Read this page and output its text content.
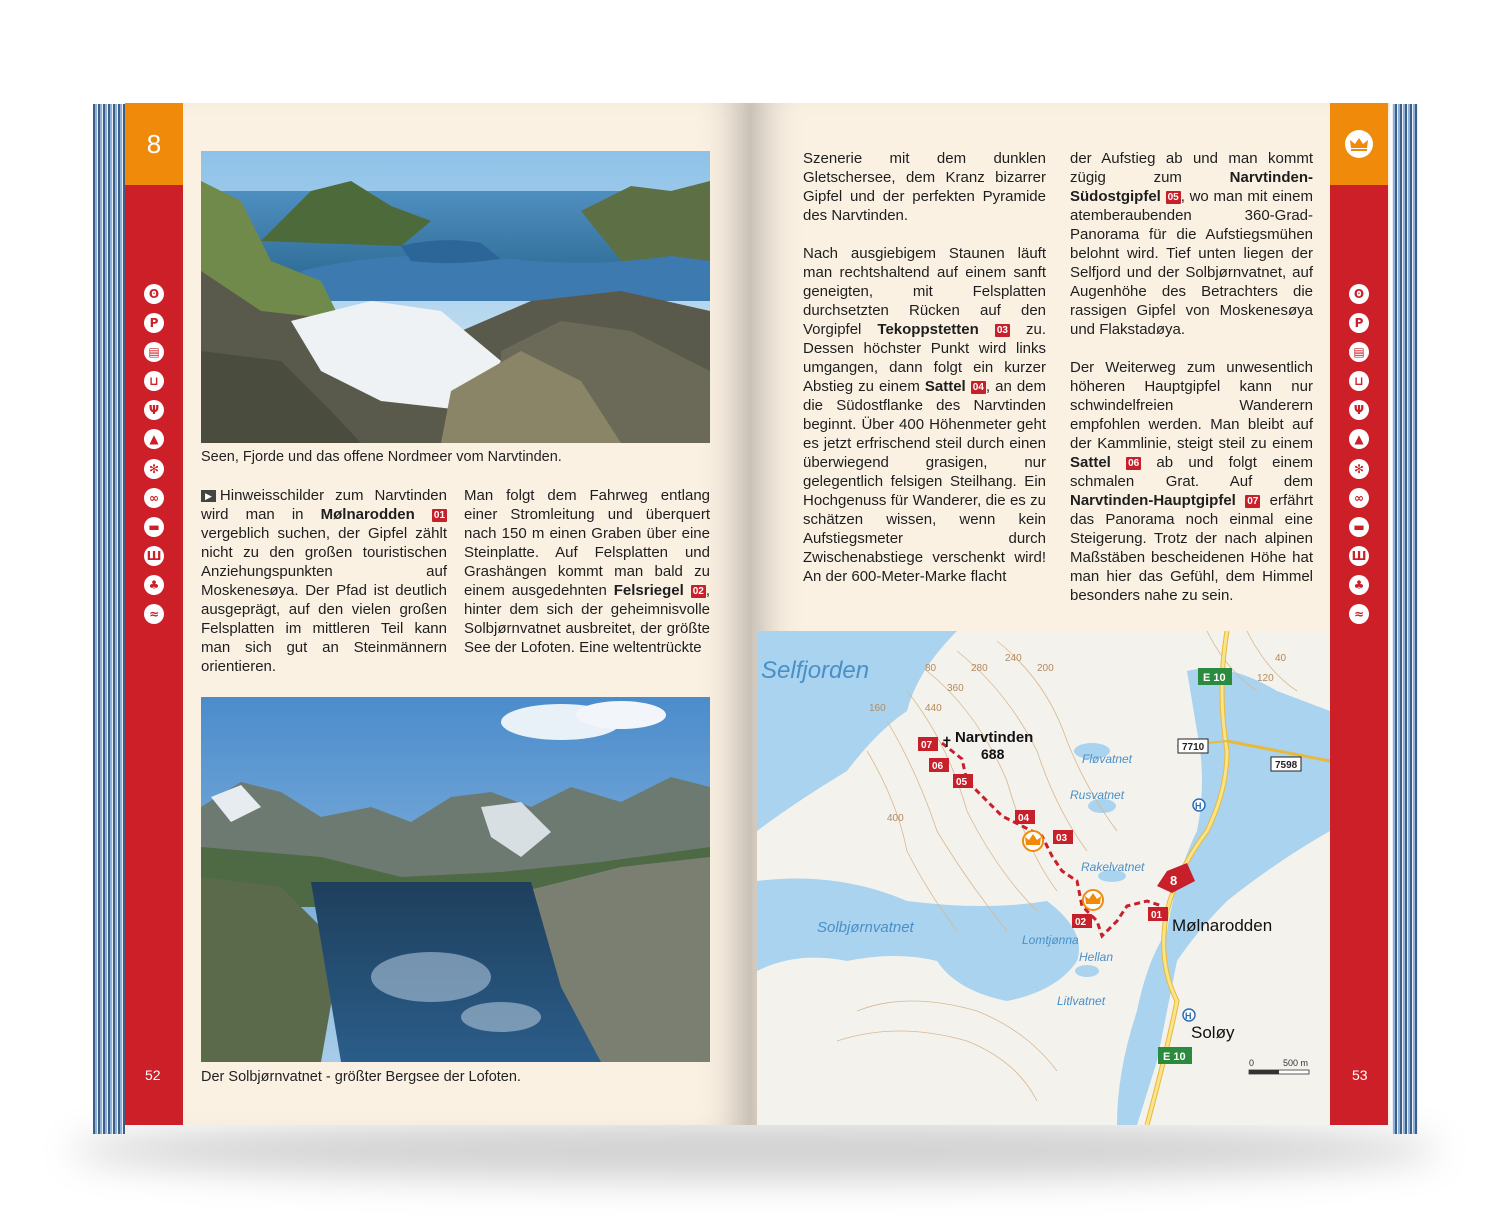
8
ʘ
P
▤
⊔
Ψ
▲
✻
∞
▬
Ш
♣
≈
ʘ
P
▤
⊔
Ψ
▲
✻
∞
▬
Ш
♣
≈
52	53
Seen, Fjorde und das offene Nordmeer vom Narvtinden.

▶ Hinweisschilder zum Narvtinden wird man in Mølnarodden 01 vergeblich suchen, der Gipfel zählt nicht zu den großen touristischen Anziehungspunkten auf Moskenesøya. Der Pfad ist deutlich ausgeprägt, auf den vielen großen Felsplatten im mittleren Teil kann man sich gut an Steinmännern orientieren.

Man folgt dem Fahrweg entlang einer Stromleitung und überquert nach 150 m einen Graben über eine Steinplatte. Auf Felsplatten und Grashängen kommt man bald zu einem ausgedehnten Felsriegel 02 , hinter dem sich der geheimnisvolle Solbjørnvatnet ausbreitet, der größte See der Lofoten. Eine weltentrückte

Der Solbjørnvatnet - größter Bergsee der Lofoten.

Szenerie mit dem dunklen Gletschersee, dem Kranz bizarrer Gipfel und der perfekten Pyramide des Narvtinden.

Nach ausgiebigem Staunen läuft man rechtshaltend auf einem sanft geneigten, mit Felsplatten durchsetzten Rücken auf den Vorgipfel Tekoppstetten 03 zu. Dessen höchster Punkt wird links umgangen, dann folgt ein kurzer Abstieg zu einem Sattel 04 , an dem die Südostflanke des Narvtinden beginnt. Über 400 Höhenmeter geht es jetzt erfrischend steil durch einen überwiegend grasigen, nur gelegentlich felsigen Steilhang. Ein Hochgenuss für Wanderer, die es zu schätzen wissen, wenn kein Aufstiegsmeter durch Zwischenabstiege verschenkt wird! An der 600-Meter-Marke flacht

der Aufstieg ab und man kommt zügig zum Narvtinden-Südostgipfel 05 , wo man mit einem atemberaubenden 360-Grad-Panorama für die Aufstiegsmühen belohnt wird. Tief unten liegen der Selfjord und der Solbjørnvatnet, auf Augenhöhe des Betrachters die rassigen Gipfel von Moskenesøya und Flakstadøya.

Der Weiterweg zum unwesentlich höheren Hauptgipfel kann nur schwindelfreien Wanderern empfohlen werden. Man bleibt auf der Kammlinie, steigt steil zu einem Sattel 06 ab und folgt einem schmalen Grat. Auf dem Narvtinden-Hauptgipfel 07 erfährt das Panorama noch einmal eine Steigerung. Trotz der nach alpinen Maßstäben bescheidenen Höhe hat man hier das Gefühl, dem Himmel besonders nahe zu sein.

Selfjorden
Narvtinden
688
✝
Fløvatnet
Rusvatnet
Rakelvatnet
Solbjørnvatnet
Lomtjønna
Hellan
Litlvatnet
Mølnarodden
Soløy
E 10
E 10
7710
7598
H
H
160
80	280
240
200
360
440
400
40
120
07
06
05
04
03
02
01
8
0	500 m
